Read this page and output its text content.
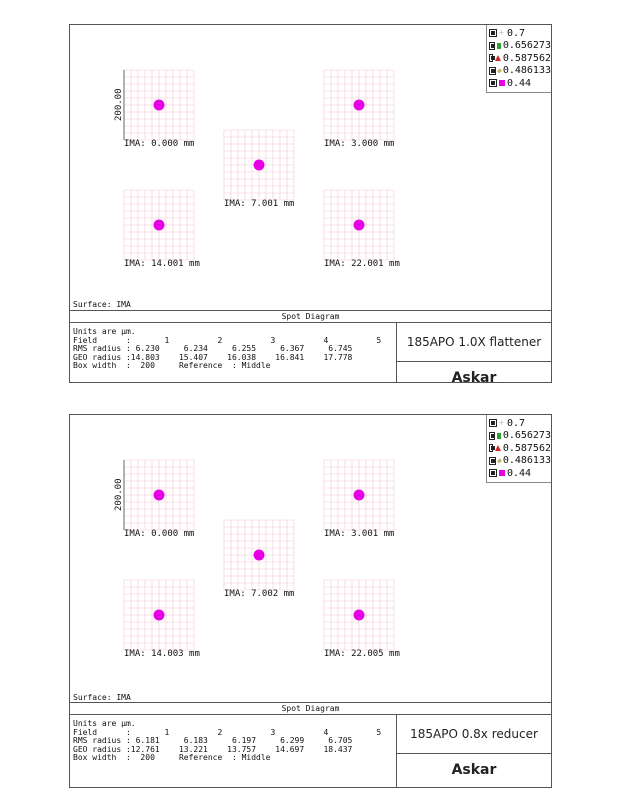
+ 0.7
0.656273
0.587562
0.486133
0.44
200.00
IMA: 0.000 mm	IMA: 3.000 mm
IMA: 7.001 mm
IMA: 14.001 mm	IMA: 22.001 mm
Surface: IMA
Spot Diagram
Units are µm.
Field      :       1          2          3          4          5
RMS radius : 6.230     6.234     6.255     6.367     6.745
GEO radius :14.803    15.407    16.038    16.841    17.778
Box width  :  200     Reference  : Middle
185APO 1.0X flattener
Askar
+ 0.7
0.656273
0.587562
0.486133
0.44
200.00
IMA: 0.000 mm	IMA: 3.001 mm
IMA: 7.002 mm
IMA: 14.003 mm	IMA: 22.005 mm
Surface: IMA
Spot Diagram
Units are µm.
Field      :       1          2          3          4          5
RMS radius : 6.181     6.183     6.197     6.299     6.705
GEO radius :12.761    13.221    13.757    14.697    18.437
Box width  :  200     Reference  : Middle
185APO 0.8x reducer
Askar
